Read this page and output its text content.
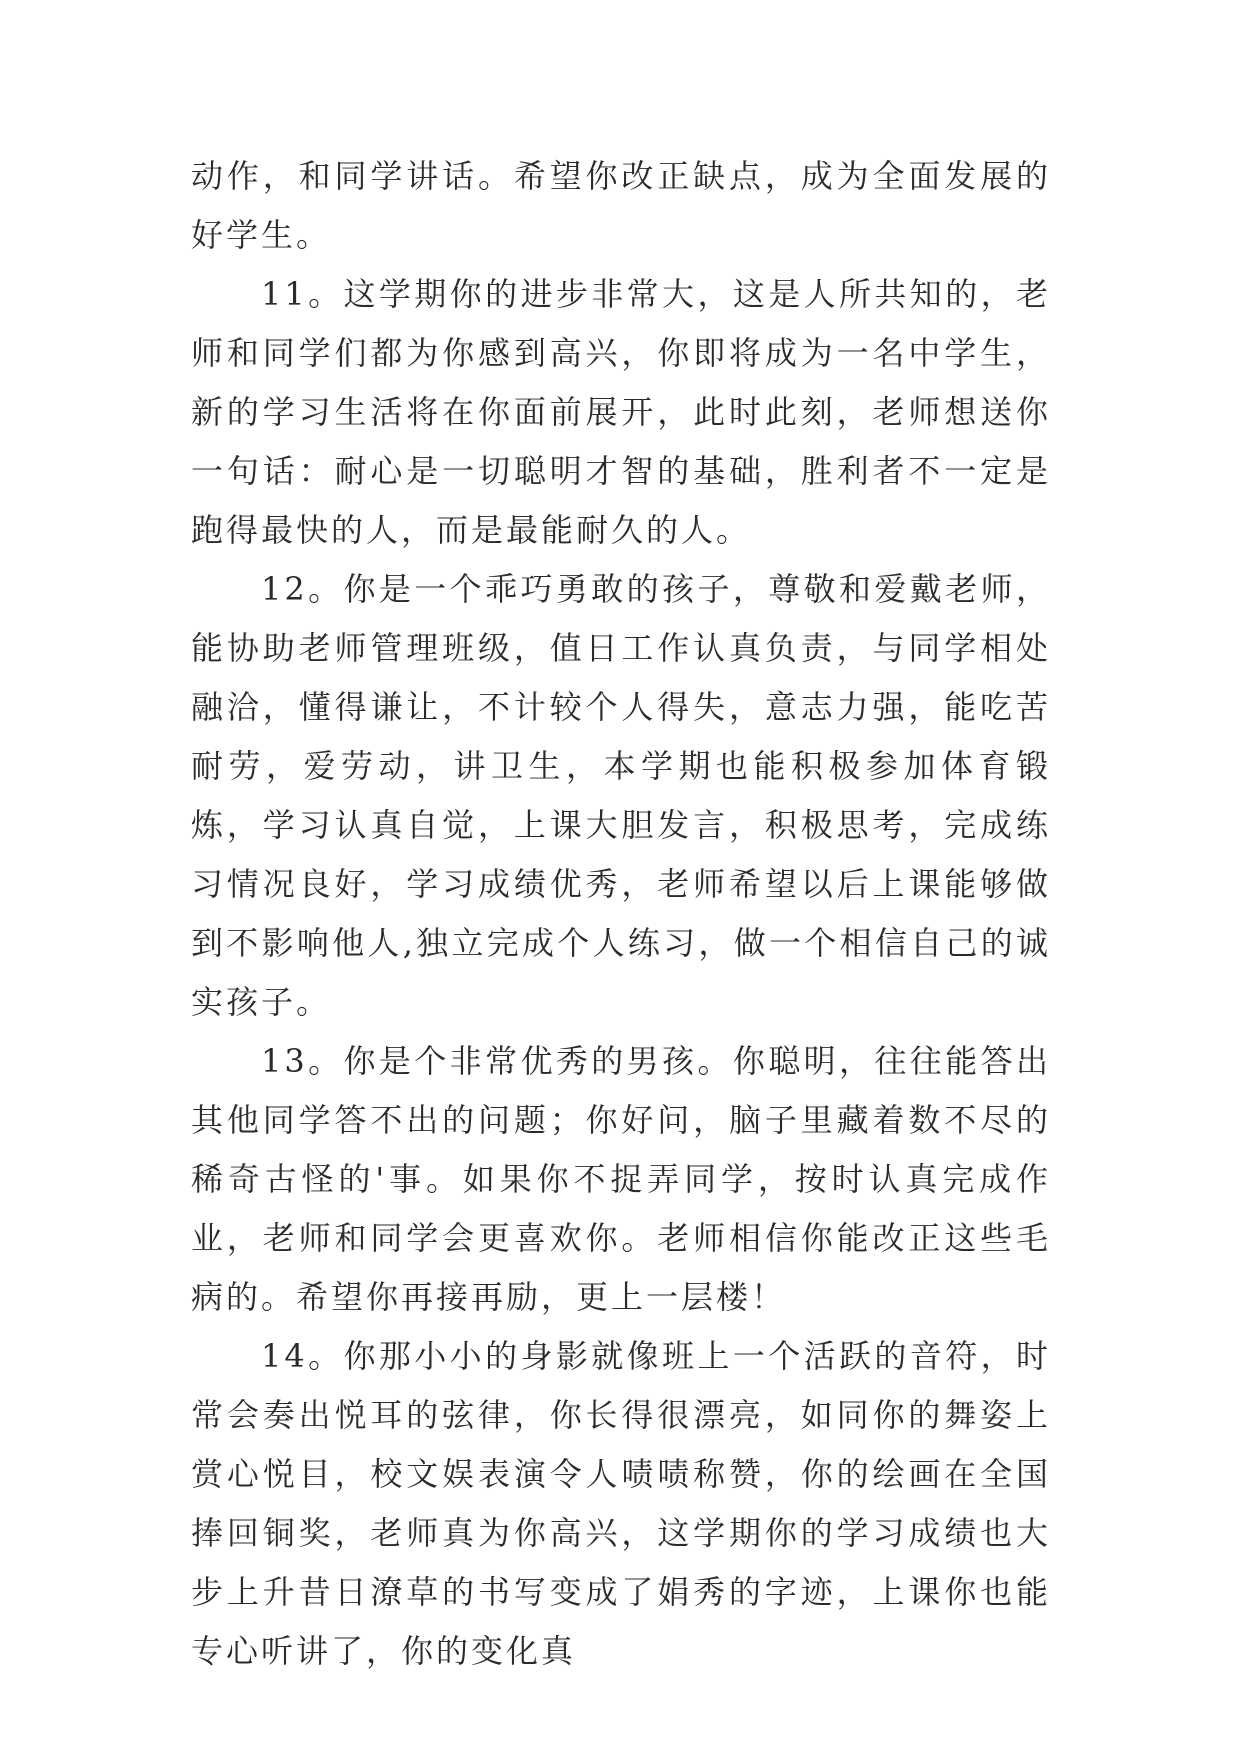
动作，和同学讲话。希望你改正缺点，成为全面发展的好学生。

11。这学期你的进步非常大，这是人所共知的，老师和同学们都为你感到高兴，你即将成为一名中学生，新的学习生活将在你面前展开，此时此刻，老师想送你一句话：耐心是一切聪明才智的基础，胜利者不一定是跑得最快的人，而是最能耐久的人。

12。你是一个乖巧勇敢的孩子，尊敬和爱戴老师，能协助老师管理班级，值日工作认真负责，与同学相处融洽，懂得谦让，不计较个人得失，意志力强，能吃苦耐劳，爱劳动，讲卫生，本学期也能积极参加体育锻炼，学习认真自觉，上课大胆发言，积极思考，完成练习情况良好，学习成绩优秀，老师希望以后上课能够做到不影响他人,独立完成个人练习，做一个相信自己的诚实孩子。

13。你是个非常优秀的男孩。你聪明，往往能答出其他同学答不出的问题；你好问，脑子里藏着数不尽的稀奇古怪的'事。如果你不捉弄同学，按时认真完成作业，老师和同学会更喜欢你。老师相信你能改正这些毛病的。希望你再接再励，更上一层楼！

14。你那小小的身影就像班上一个活跃的音符，时常会奏出悦耳的弦律，你长得很漂亮，如同你的舞姿上赏心悦目，校文娱表演令人啧啧称赞，你的绘画在全国捧回铜奖，老师真为你高兴，这学期你的学习成绩也大步上升昔日潦草的书写变成了娟秀的字迹，上课你也能专心听讲了，你的变化真
